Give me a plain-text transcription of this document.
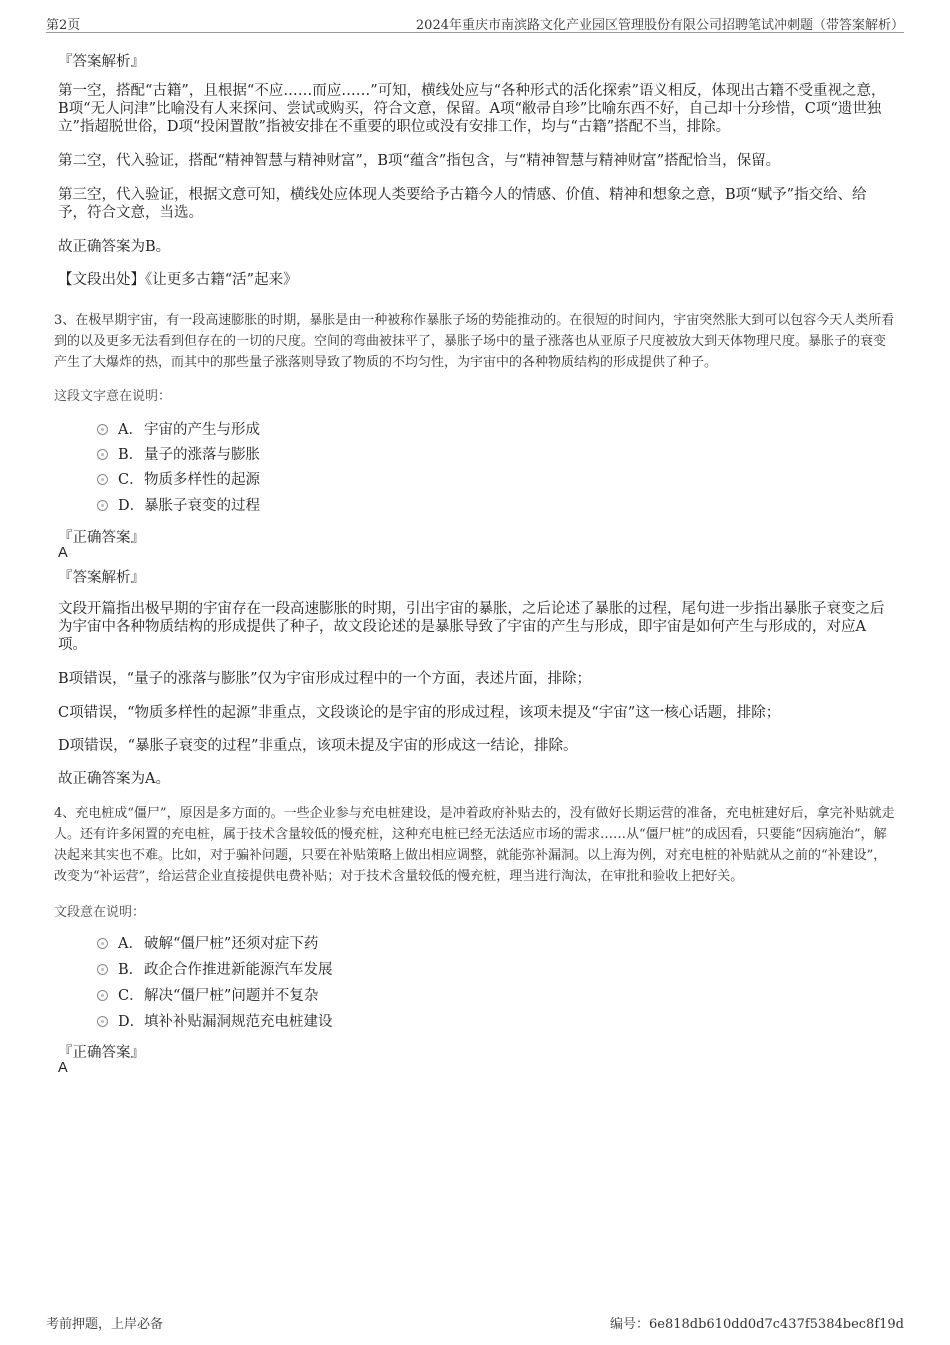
第2页	2024年重庆市南滨路文化产业园区管理股份有限公司招聘笔试冲刺题（带答案解析）
『答案解析』
第一空，搭配“古籍”，且根据“不应……而应……”可知，横线处应与“各种形式的活化探索”语义相反，体现出古籍不受重视之意，B项“无人问津”比喻没有人来探问、尝试或购买，符合文意，保留。A项“敝帚自珍”比喻东西不好，自己却十分珍惜，C项“遗世独立”指超脱世俗，D项“投闲置散”指被安排在不重要的职位或没有安排工作，均与“古籍”搭配不当，排除。
第二空，代入验证，搭配“精神智慧与精神财富”，B项“蕴含”指包含，与“精神智慧与精神财富”搭配恰当，保留。
第三空，代入验证，根据文意可知，横线处应体现人类要给予古籍今人的情感、价值、精神和想象之意，B项“赋予”指交给、给予，符合文意，当选。
故正确答案为B。
【文段出处】《让更多古籍“活”起来》
3、在极早期宇宙，有一段高速膨胀的时期，暴胀是由一种被称作暴胀子场的势能推动的。在很短的时间内，宇宙突然胀大到可以包容今天人类所看到的以及更多无法看到但存在的一切的尺度。空间的弯曲被抹平了，暴胀子场中的量子涨落也从亚原子尺度被放大到天体物理尺度。暴胀子的衰变产生了大爆炸的热，而其中的那些量子涨落则导致了物质的不均匀性，为宇宙中的各种物质结构的形成提供了种子。
这段文字意在说明：
A．宇宙的产生与形成
B．量子的涨落与膨胀
C．物质多样性的起源
D．暴胀子衰变的过程
『正确答案』
A
『答案解析』
文段开篇指出极早期的宇宙存在一段高速膨胀的时期，引出宇宙的暴胀，之后论述了暴胀的过程，尾句进一步指出暴胀子衰变之后为宇宙中各种物质结构的形成提供了种子，故文段论述的是暴胀导致了宇宙的产生与形成，即宇宙是如何产生与形成的，对应A项。
B项错误，“量子的涨落与膨胀”仅为宇宙形成过程中的一个方面，表述片面，排除；
C项错误，“物质多样性的起源”非重点，文段谈论的是宇宙的形成过程，该项未提及“宇宙”这一核心话题，排除；
D项错误，“暴胀子衰变的过程”非重点，该项未提及宇宙的形成这一结论，排除。
故正确答案为A。
4、充电桩成“僵尸”，原因是多方面的。一些企业参与充电桩建设，是冲着政府补贴去的，没有做好长期运营的准备，充电桩建好后，拿完补贴就走人。还有许多闲置的充电桩，属于技术含量较低的慢充桩，这种充电桩已经无法适应市场的需求……从“僵尸桩”的成因看，只要能“因病施治”，解决起来其实也不难。比如，对于骗补问题，只要在补贴策略上做出相应调整，就能弥补漏洞。以上海为例，对充电桩的补贴就从之前的“补建设”，改变为“补运营”，给运营企业直接提供电费补贴；对于技术含量较低的慢充桩，理当进行淘汰，在审批和验收上把好关。
文段意在说明：
A．破解“僵尸桩”还须对症下药
B．政企合作推进新能源汽车发展
C．解决“僵尸桩”问题并不复杂
D．填补补贴漏洞规范充电桩建设
『正确答案』
A
考前押题，上岸必备	编号：6e818db610dd0d7c437f5384bec8f19d
